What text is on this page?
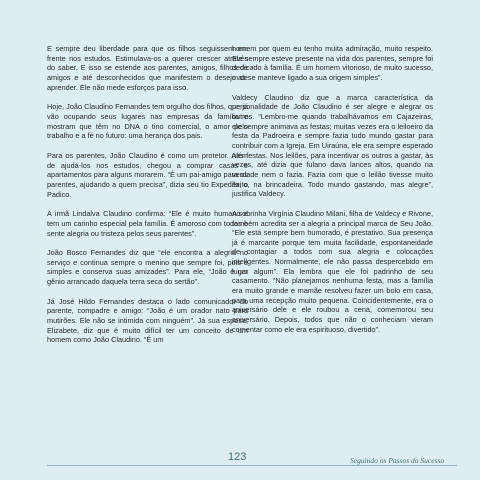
E sempre deu liberdade para que os filhos seguissem em frente nos estudos. Estimulava-os a querer crescer através do saber. E isso se estende aos parentes, amigos, filhos de amigos e até desconhecidos que manifestem o desejo de aprender. Ele não mede esforços para isso.

Hoje, João Claudino Fernandes tem orgulho dos filhos, que já vão ocupando seus lugares nas empresas da família e mostram que têm no DNA o tino comercial, o amor pelo trabalho e a fé no futuro: uma herança dos pais.

Para os parentes, João Claudino é como um protetor. Além de ajudá-los nos estudos, chegou a comprar casas e apartamentos para alguns morarem. “É um pai-amigo para os parentes, ajudando a quem precisa”, dizia seu tio Expedito, o Padico.

A irmã Lindalva Claudino confirma: “Ele é muito humano e tem um carinho especial pela família. É amoroso com todos e sente alegria ou tristeza pelos seus parentes”.

João Bosco Fernandes diz que “ele encontra a alegria no serviço e continua sempre o menino que sempre foi, pois é simples e conserva suas amizades”. Para ele, “João é um gênio arrancado daquela terra seca do sertão”.

Já José Hildo Fernandes destaca o lado comunicador do parente, compadre e amigo: “João é um orador nato para mutirões. Ele não se intimida com ninguém”. Já sua esposa, Elizabete, diz que é muito difícil ter um conceito de um homem como João Claudino. “É um

homem por quem eu tenho muita admiração, muito respeito. Ele sempre esteve presente na vida dos parentes, sempre foi dedicado à família. É um homem vitorioso, de muito sucesso, mas se manteve ligado a sua origem simples”.

Valdecy Claudino diz que a marca característica da personalidade de João Claudino é ser alegre e alegrar os outros. “Lembro-me quando trabalhávamos em Cajazeiras, ele sempre animava as festas; muitas vezes era o leiloeiro da festa da Padroeira e sempre fazia tudo mundo gastar para contribuir com a Igreja. Em Uiraúna, ele era sempre esperado nas festas. Nos leilões, para incentivar os outros a gastar, às vezes, até dizia que fulano dava lances altos, quando na verdade nem o fazia. Fazia com que o leilão tivesse muito êxito, na brincadeira. Todo mundo gastando, mas alegre”, justifica Valdecy.

A sobrinha Virgínia Claudino Milani, filha de Valdecy e Rivone, também acredita ser a alegria a principal marca de Seu João. “Ele está sempre bem humorado, é prestativo. Sua presença já é marcante porque tem muita facilidade, espontaneidade de contagiar a todos com sua alegria e colocações inteligentes. Normalmente, ele não passa despercebido em lugar algum”. Ela lembra que ele foi padrinho de seu casamento. “Não planejamos nenhuma festa, mas a família era muito grande e mamãe resolveu fazer um bolo em casa, para uma recepção muito pequena. Coincidentemente, era o aniversário dele e ele roubou a cena, comemorou seu aniversário. Depois, todos que não o conheciam vieram comentar como ele era espirituoso, divertido”.

123	Seguindo os Passos do Sucesso
